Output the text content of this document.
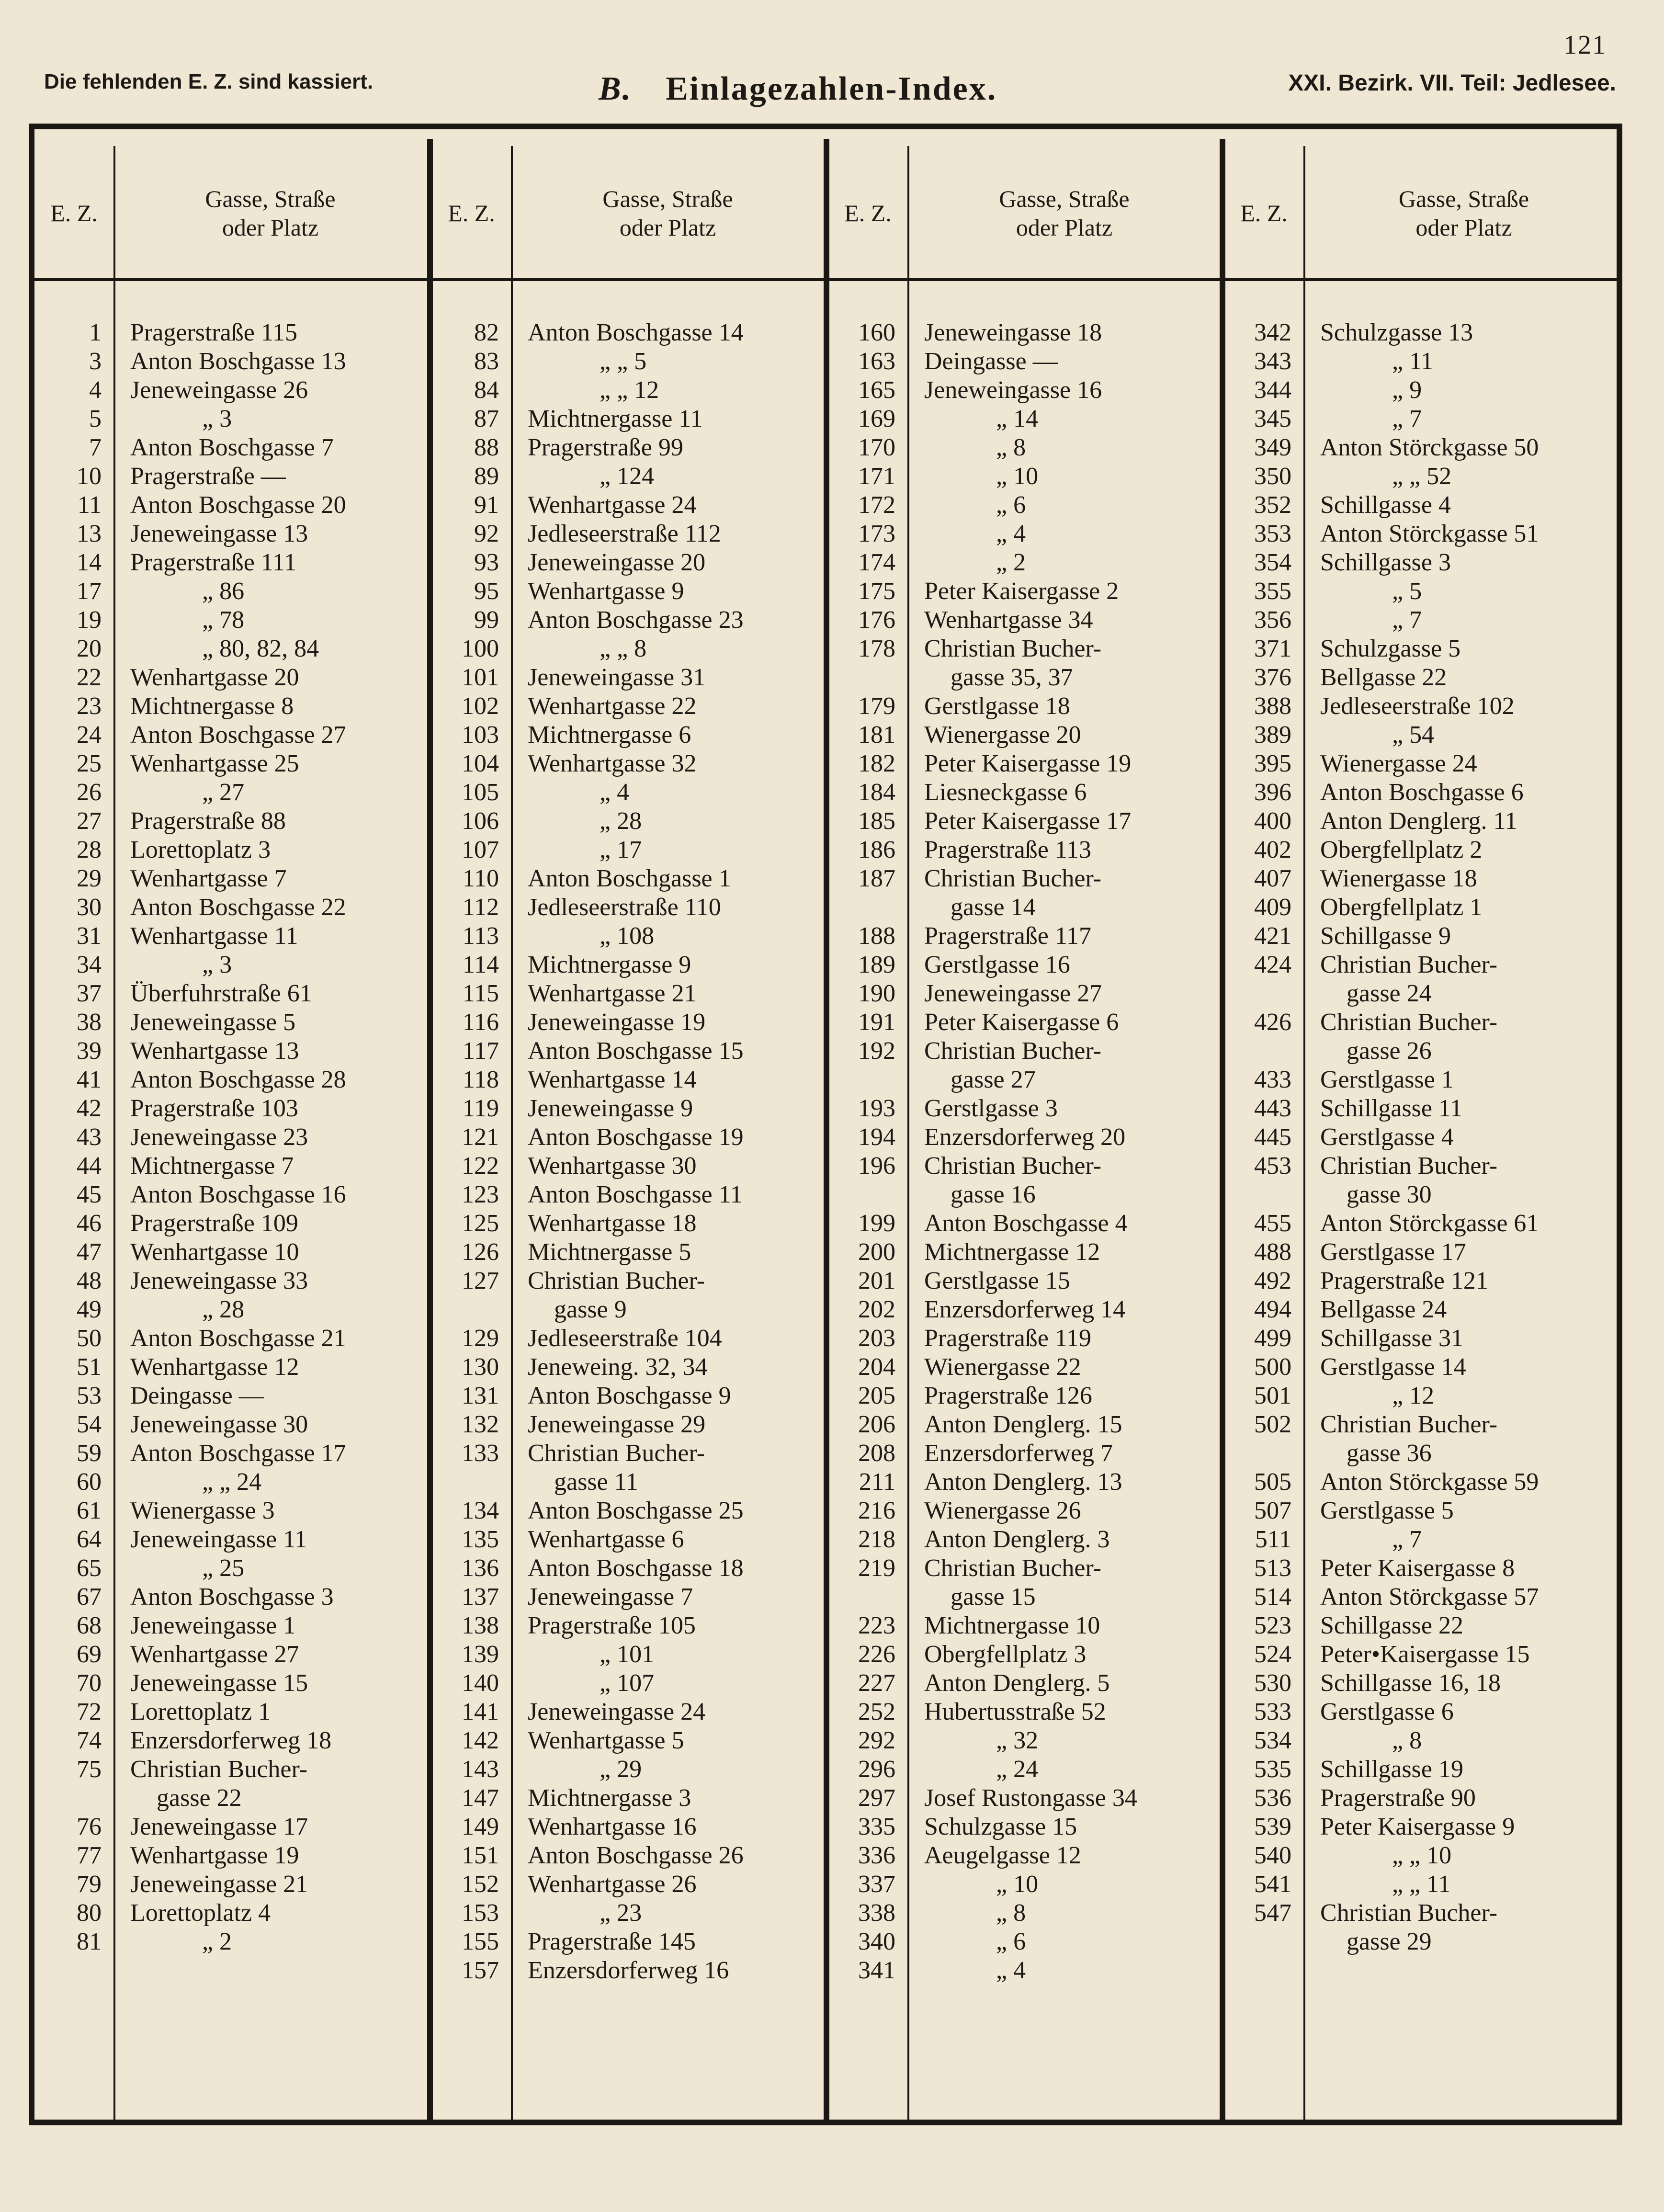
121
Die fehlenden E. Z. sind kassiert.	B. Einlagezahlen-Index.	XXI. Bezirk. VII. Teil: Jedlesee.
E. Z.
Gasse, Straße
oder Platz
1 Pragerstraße 115
3 Anton Boschgasse 13
4 Jeneweingasse 26
5	„ 3
7 Anton Boschgasse 7
10 Pragerstraße —
11 Anton Boschgasse 20
13 Jeneweingasse 13
14 Pragerstraße 111
17	„ 86
19	„ 78
20	„ 80, 82, 84
22 Wenhartgasse 20
23 Michtnergasse 8
24 Anton Boschgasse 27
25 Wenhartgasse 25
26	„ 27
27 Pragerstraße 88
28 Lorettoplatz 3
29 Wenhartgasse 7
30 Anton Boschgasse 22
31 Wenhartgasse 11
34	„ 3
37 Überfuhrstraße 61
38 Jeneweingasse 5
39 Wenhartgasse 13
41 Anton Boschgasse 28
42 Pragerstraße 103
43 Jeneweingasse 23
44 Michtnergasse 7
45 Anton Boschgasse 16
46 Pragerstraße 109
47 Wenhartgasse 10
48 Jeneweingasse 33
49	„ 28
50 Anton Boschgasse 21
51 Wenhartgasse 12
53 Deingasse —
54 Jeneweingasse 30
59 Anton Boschgasse 17
60	„ „ 24
61 Wienergasse 3
64 Jeneweingasse 11
65	„ 25
67 Anton Boschgasse 3
68 Jeneweingasse 1
69 Wenhartgasse 27
70 Jeneweingasse 15
72 Lorettoplatz 1
74 Enzersdorferweg 18
75 Christian Bucher-
gasse 22
76 Jeneweingasse 17
77 Wenhartgasse 19
79 Jeneweingasse 21
80 Lorettoplatz 4
81	„ 2
E. Z.
Gasse, Straße
oder Platz
82 Anton Boschgasse 14
83	„ „ 5
84	„ „ 12
87 Michtnergasse 11
88 Pragerstraße 99
89	„ 124
91 Wenhartgasse 24
92 Jedleseerstraße 112
93 Jeneweingasse 20
95 Wenhartgasse 9
99 Anton Boschgasse 23
100	„ „ 8
101 Jeneweingasse 31
102 Wenhartgasse 22
103 Michtnergasse 6
104 Wenhartgasse 32
105	„ 4
106	„ 28
107	„ 17
110 Anton Boschgasse 1
112 Jedleseerstraße 110
113	„ 108
114 Michtnergasse 9
115 Wenhartgasse 21
116 Jeneweingasse 19
117 Anton Boschgasse 15
118 Wenhartgasse 14
119 Jeneweingasse 9
121 Anton Boschgasse 19
122 Wenhartgasse 30
123 Anton Boschgasse 11
125 Wenhartgasse 18
126 Michtnergasse 5
127 Christian Bucher-
gasse 9
129 Jedleseerstraße 104
130 Jeneweing. 32, 34
131 Anton Boschgasse 9
132 Jeneweingasse 29
133 Christian Bucher-
gasse 11
134 Anton Boschgasse 25
135 Wenhartgasse 6
136 Anton Boschgasse 18
137 Jeneweingasse 7
138 Pragerstraße 105
139	„ 101
140	„ 107
141 Jeneweingasse 24
142 Wenhartgasse 5
143	„ 29
147 Michtnergasse 3
149 Wenhartgasse 16
151 Anton Boschgasse 26
152 Wenhartgasse 26
153	„ 23
155 Pragerstraße 145
157 Enzersdorferweg 16
E. Z.
Gasse, Straße
oder Platz
160 Jeneweingasse 18
163 Deingasse —
165 Jeneweingasse 16
169	„ 14
170	„ 8
171	„ 10
172	„ 6
173	„ 4
174	„ 2
175 Peter Kaisergasse 2
176 Wenhartgasse 34
178 Christian Bucher-
gasse 35, 37
179 Gerstlgasse 18
181 Wienergasse 20
182 Peter Kaisergasse 19
184 Liesneckgasse 6
185 Peter Kaisergasse 17
186 Pragerstraße 113
187 Christian Bucher-
gasse 14
188 Pragerstraße 117
189 Gerstlgasse 16
190 Jeneweingasse 27
191 Peter Kaisergasse 6
192 Christian Bucher-
gasse 27
193 Gerstlgasse 3
194 Enzersdorferweg 20
196 Christian Bucher-
gasse 16
199 Anton Boschgasse 4
200 Michtnergasse 12
201 Gerstlgasse 15
202 Enzersdorferweg 14
203 Pragerstraße 119
204 Wienergasse 22
205 Pragerstraße 126
206 Anton Denglerg. 15
208 Enzersdorferweg 7
211 Anton Denglerg. 13
216 Wienergasse 26
218 Anton Denglerg. 3
219 Christian Bucher-
gasse 15
223 Michtnergasse 10
226 Obergfellplatz 3
227 Anton Denglerg. 5
252 Hubertusstraße 52
292	„ 32
296	„ 24
297 Josef Rustongasse 34
335 Schulzgasse 15
336 Aeugelgasse 12
337	„ 10
338	„ 8
340	„ 6
341	„ 4
E. Z.
Gasse, Straße
oder Platz
342 Schulzgasse 13
343	„ 11
344	„ 9
345	„ 7
349 Anton Störckgasse 50
350	„ „ 52
352 Schillgasse 4
353 Anton Störckgasse 51
354 Schillgasse 3
355	„ 5
356	„ 7
371 Schulzgasse 5
376 Bellgasse 22
388 Jedleseerstraße 102
389	„ 54
395 Wienergasse 24
396 Anton Boschgasse 6
400 Anton Denglerg. 11
402 Obergfellplatz 2
407 Wienergasse 18
409 Obergfellplatz 1
421 Schillgasse 9
424 Christian Bucher-
gasse 24
426 Christian Bucher-
gasse 26
433 Gerstlgasse 1
443 Schillgasse 11
445 Gerstlgasse 4
453 Christian Bucher-
gasse 30
455 Anton Störckgasse 61
488 Gerstlgasse 17
492 Pragerstraße 121
494 Bellgasse 24
499 Schillgasse 31
500 Gerstlgasse 14
501	„ 12
502 Christian Bucher-
gasse 36
505 Anton Störckgasse 59
507 Gerstlgasse 5
511	„ 7
513 Peter Kaisergasse 8
514 Anton Störckgasse 57
523 Schillgasse 22
524 Peter•Kaisergasse 15
530 Schillgasse 16, 18
533 Gerstlgasse 6
534	„ 8
535 Schillgasse 19
536 Pragerstraße 90
539 Peter Kaisergasse 9
540	„ „ 10
541	„ „ 11
547 Christian Bucher-
gasse 29
